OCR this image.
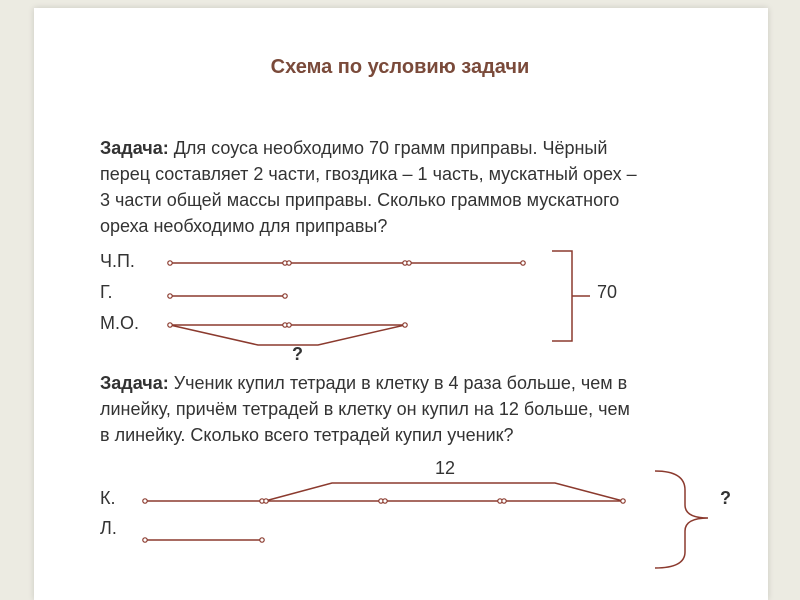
Схема по условию задачи
Задача: Для соуса необходимо 70 грамм приправы. Чёрный
перец составляет 2 части, гвоздика – 1 часть, мускатный орех –
3 части общей массы приправы. Сколько граммов мускатного
ореха необходимо для приправы?
Ч.П.
Г.
М.О.
70
?
Задача: Ученик купил тетради в клетку в 4 раза больше, чем в
линейку, причём тетрадей в клетку он купил на 12 больше, чем
в линейку. Сколько всего тетрадей купил ученик?
12
К.
Л.
?
